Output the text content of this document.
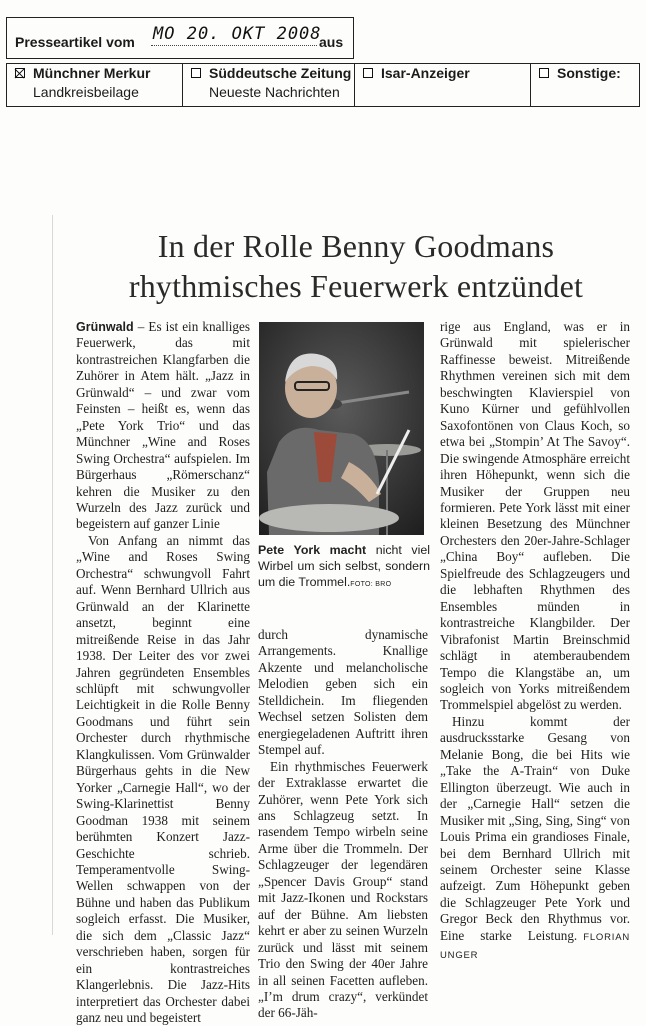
Presseartikel vom MO 20. OKT 2008
aus
Münchner Merkur
Landkreisbeilage
Süddeutsche Zeitung
Neueste Nachrichten
Isar-Anzeiger	Sonstige:
In der Rolle Benny Goodmans
rhythmisches Feuerwerk entzündet

Grünwald – Es ist ein knalliges Feuerwerk, das mit kontrastreichen Klangfarben die Zuhörer in Atem hält. „Jazz in Grünwald“ – und zwar vom Feinsten – heißt es, wenn das „Pete York Trio“ und das Münchner „Wine and Roses Swing Orchestra“ aufspielen. Im Bürgerhaus „Römerschanz“ kehren die Musiker zu den Wurzeln des Jazz zurück und begeistern auf ganzer Linie

Von Anfang an nimmt das „Wine and Roses Swing Orchestra“ schwungvoll Fahrt auf. Wenn Bernhard Ullrich aus Grünwald an der Klarinette ansetzt, beginnt eine mitreißende Reise in das Jahr 1938. Der Leiter des vor zwei Jahren gegründeten Ensembles schlüpft mit schwungvoller Leichtigkeit in die Rolle Benny Goodmans und führt sein Orchester durch rhythmische Klangkulissen. Vom Grünwalder Bürgerhaus gehts in die New Yorker „Carnegie Hall“, wo der Swing-Klarinettist Benny Goodman 1938 mit seinem berühmten Konzert Jazz-Geschichte schrieb. Temperamentvolle Swing-Wellen schwappen von der Bühne und haben das Publikum sogleich erfasst. Die Musiker, die sich dem „Classic Jazz“ verschrieben haben, sorgen für ein kontrastreiches Klangerlebnis. Die Jazz-Hits interpretiert das Orchester dabei ganz neu und begeistert

Pete York macht nicht viel Wirbel um sich selbst, sondern um die Trommel.FOTO: BRO

durch dynamische Arrangements. Knallige Akzente und melancholische Melodien geben sich ein Stelldichein. Im fliegenden Wechsel setzen Solisten dem energiegeladenen Auftritt ihren Stempel auf.

Ein rhythmisches Feuerwerk der Extraklasse erwartet die Zuhörer, wenn Pete York sich ans Schlagzeug setzt. In rasendem Tempo wirbeln seine Arme über die Trommeln. Der Schlagzeuger der legendären „Spencer Davis Group“ stand mit Jazz-Ikonen und Rockstars auf der Bühne. Am liebsten kehrt er aber zu seinen Wurzeln zurück und lässt mit seinem Trio den Swing der 40er Jahre in all seinen Facetten aufleben. „I’m drum crazy“, verkündet der 66-Jäh-

rige aus England, was er in Grünwald mit spielerischer Raffinesse beweist. Mitreißende Rhythmen vereinen sich mit dem beschwingten Klavierspiel von Kuno Kürner und gefühlvollen Saxofontönen von Claus Koch, so etwa bei „Stompin’ At The Savoy“. Die swingende Atmosphäre erreicht ihren Höhepunkt, wenn sich die Musiker der Gruppen neu formieren. Pete York lässt mit einer kleinen Besetzung des Münchner Orchesters den 20er-Jahre-Schlager „China Boy“ aufleben. Die Spielfreude des Schlagzeugers und die lebhaften Rhythmen des Ensembles münden in kontrastreiche Klangbilder. Der Vibrafonist Martin Breinschmid schlägt in atemberaubendem Tempo die Klangstäbe an, um sogleich von Yorks mitreißendem Trommelspiel abgelöst zu werden.

Hinzu kommt der ausdrucksstarke Gesang von Melanie Bong, die bei Hits wie „Take the A-Train“ von Duke Ellington überzeugt. Wie auch in der „Carnegie Hall“ setzen die Musiker mit „Sing, Sing, Sing“ von Louis Prima ein grandioses Finale, bei dem Bernhard Ullrich mit seinem Orchester seine Klasse aufzeigt. Zum Höhepunkt geben die Schlagzeuger Pete York und Gregor Beck den Rhythmus vor. Eine starke Leistung. FLORIAN UNGER
